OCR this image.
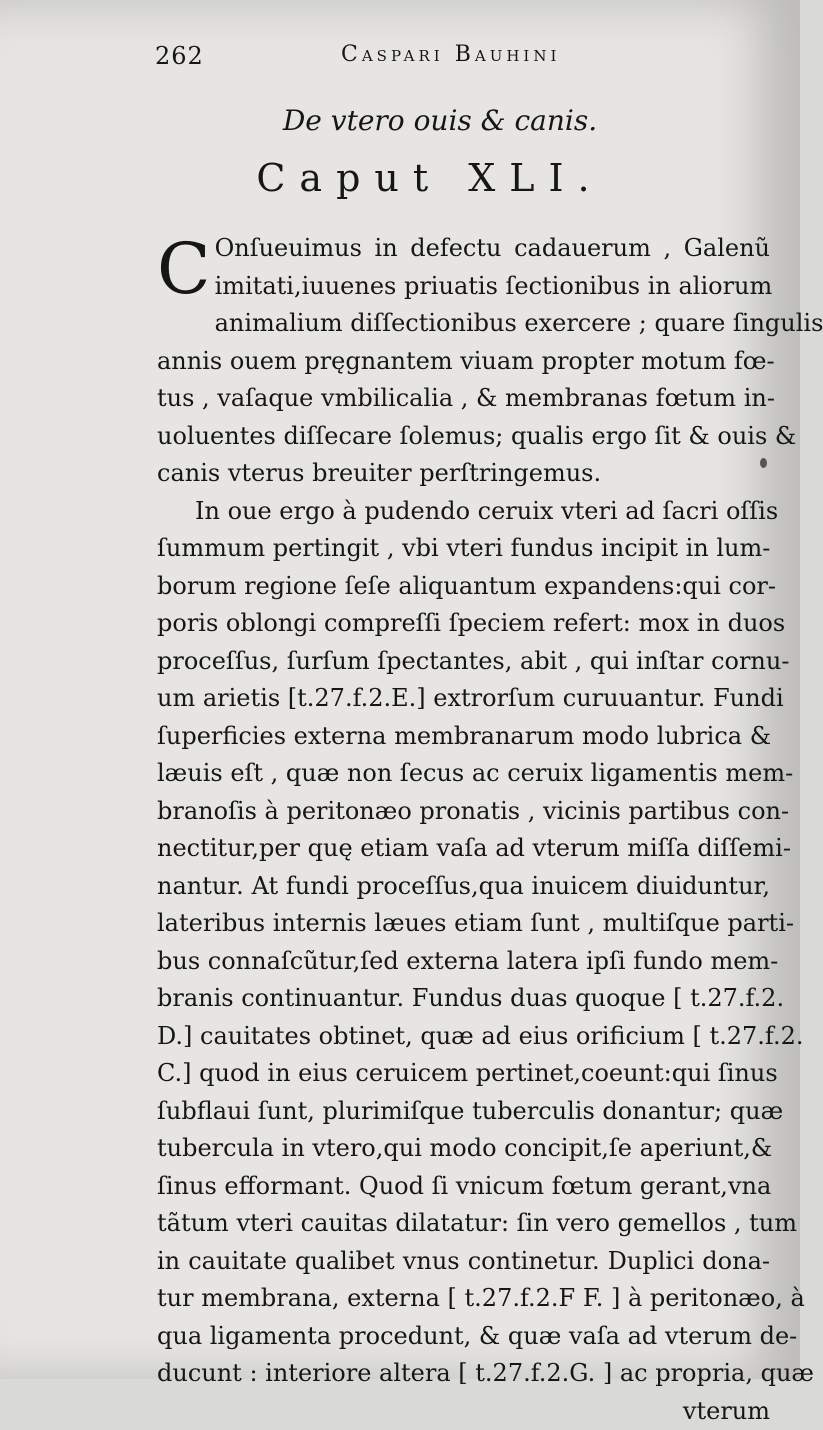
262	Caspari Bauhini
De vtero ouis & canis.
Caput XLI.
C Onſueuimus in defectu cadauerum , Galenũ
imitati,iuuenes priuatis ſectionibus in aliorum
animalium diſſectionibus exercere ; quare ſingulis
annis ouem pręgnantem viuam propter motum fœ-
tus , vaſaque vmbilicalia , & membranas fœtum in-
uoluentes diſſecare ſolemus; qualis ergo ſit & ouis &
canis vterus breuiter perſtringemus.
In oue ergo à pudendo ceruix vteri ad ſacri oſſis
ſummum pertingit , vbi vteri fundus incipit in lum-
borum regione ſeſe aliquantum expandens:qui cor-
poris oblongi compreſſi ſpeciem refert: mox in duos
proceſſus, ſurſum ſpectantes, abit , qui inſtar cornu-
um arietis [t.27.f.2.E.] extrorſum curuuantur. Fundi
ſuperficies externa membranarum modo lubrica &
læuis eſt , quæ non ſecus ac ceruix ligamentis mem-
branoſis à peritonæo pronatis , vicinis partibus con-
nectitur,per quę etiam vaſa ad vterum miſſa diſſemi-
nantur. At fundi proceſſus,qua inuicem diuiduntur,
lateribus internis læues etiam ſunt , multiſque parti-
bus connaſcũtur,ſed externa latera ipſi fundo mem-
branis continuantur. Fundus duas quoque [ t.27.f.2.
D.] cauitates obtinet, quæ ad eius orificium [ t.27.f.2.
C.] quod in eius ceruicem pertinet,coeunt:qui ſinus
ſubflaui ſunt, plurimiſque tuberculis donantur; quæ
tubercula in vtero,qui modo concipit,ſe aperiunt,&
ſinus efformant. Quod ſi vnicum fœtum gerant,vna
tãtum vteri cauitas dilatatur: ſin vero gemellos , tum
in cauitate qualibet vnus continetur. Duplici dona-
tur membrana, externa [ t.27.f.2.F F. ] à peritonæo, à
qua ligamenta procedunt, & quæ vaſa ad vterum de-
ducunt : interiore altera [ t.27.f.2.G. ] ac propria, quæ
vterum
